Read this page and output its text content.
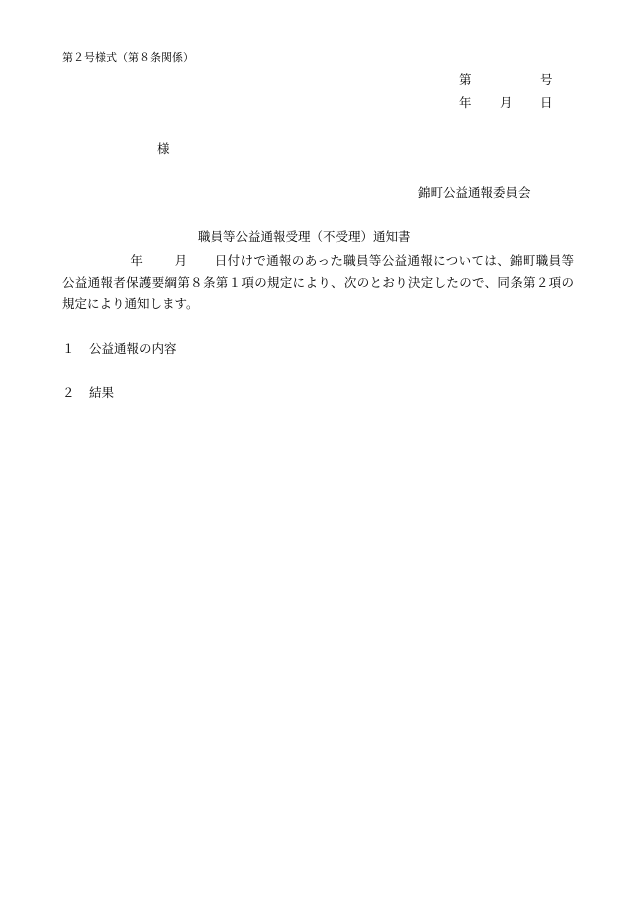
第２号様式（第８条関係）
第	号
年 月 日
様
錦町公益通報委員会
職員等公益通報受理（不受理）通知書
年 月 日付けで通報のあった職員等公益通報については、錦町職員等公益通報者保護要綱第８条第１項の規定により、次のとおり決定したので、同条第２項の規定により通知します。
１ 公益通報の内容
２ 結果
